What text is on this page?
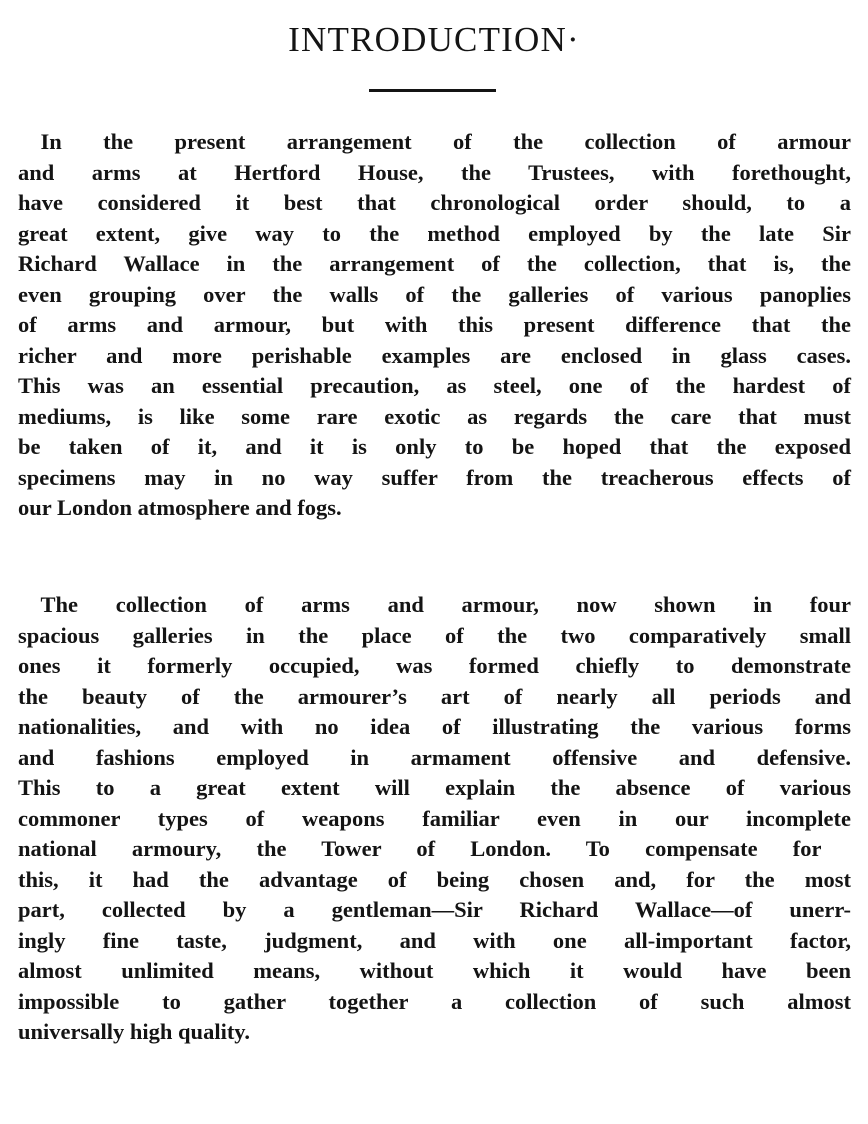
INTRODUCTION·
 In the present arrangement of the collection of armour
and arms at Hertford House, the Trustees, with forethought,
have considered it best that chronological order should, to a
great extent, give way to the method employed by the late Sir
Richard Wallace in the arrangement of the collection, that is, the
even grouping over the walls of the galleries of various panoplies
of arms and armour, but with this present difference that the
richer and more perishable examples are enclosed in glass cases.
This was an essential precaution, as steel, one of the hardest of
mediums, is like some rare exotic as regards the care that must
be taken of it, and it is only to be hoped that the exposed
specimens may in no way suffer from the treacherous effects of
our London atmosphere and fogs.
 The collection of arms and armour, now shown in four
spacious galleries in the place of the two comparatively small
ones it formerly occupied, was formed chiefly to demonstrate
the beauty of the armourer’s art of nearly all periods and
nationalities, and with no idea of illustrating the various forms
and fashions employed in armament offensive and defensive.
This to a great extent will explain the absence of various
commoner types of weapons familiar even in our incomplete
national armoury, the Tower of London. To compensate for
this, it had the advantage of being chosen and, for the most
part, collected by a gentleman—Sir Richard Wallace—of unerr-
ingly fine taste, judgment, and with one all-important factor,
almost unlimited means, without which it would have been
impossible to gather together a collection of such almost
universally high quality.
